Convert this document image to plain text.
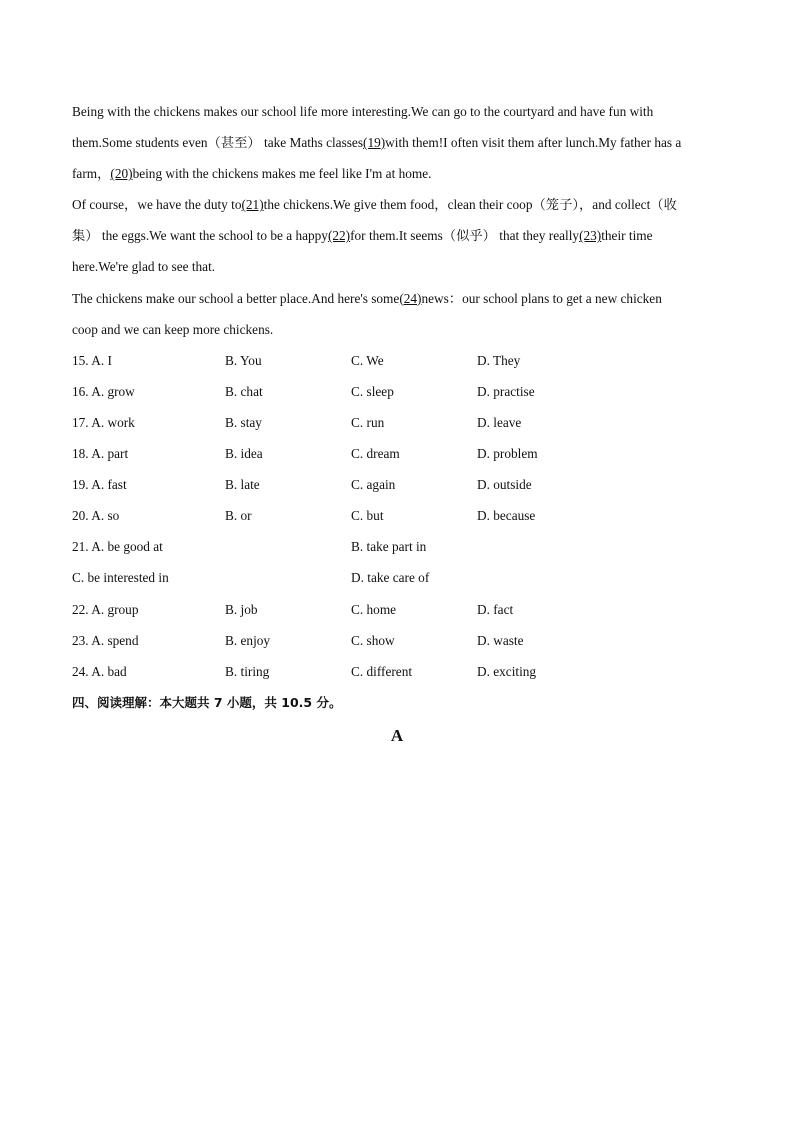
Being with the chickens makes our school life more interesting.We can go to the courtyard and have fun with
them.Some students even（甚至） take Maths classes(19)with them!I often visit them after lunch.My father has a
farm，(20)being with the chickens makes me feel like I'm at home.
Of course，we have the duty to(21)the chickens.We give them food，clean their coop（笼子），and collect（收
集） the eggs.We want the school to be a happy(22)for them.It seems（似乎） that they really(23)their time
here.We're glad to see that.
The chickens make our school a better place.And here's some(24)news：our school plans to get a new chicken
coop and we can keep more chickens.
15. A. I	B. You	C. We	D. They
16. A. grow	B. chat	C. sleep	D. practise
17. A. work	B. stay	C. run	D. leave
18. A. part	B. idea	C. dream	D. problem
19. A. fast	B. late	C. again	D. outside
20. A. so	B. or	C. but	D. because
21. A. be good at	B. take part in
C. be interested in	D. take care of
22. A. group	B. job	C. home	D. fact
23. A. spend	B. enjoy	C. show	D. waste
24. A. bad	B. tiring	C. different	D. exciting
四、阅读理解：本大题共 7 小题，共 10.5 分。
A
